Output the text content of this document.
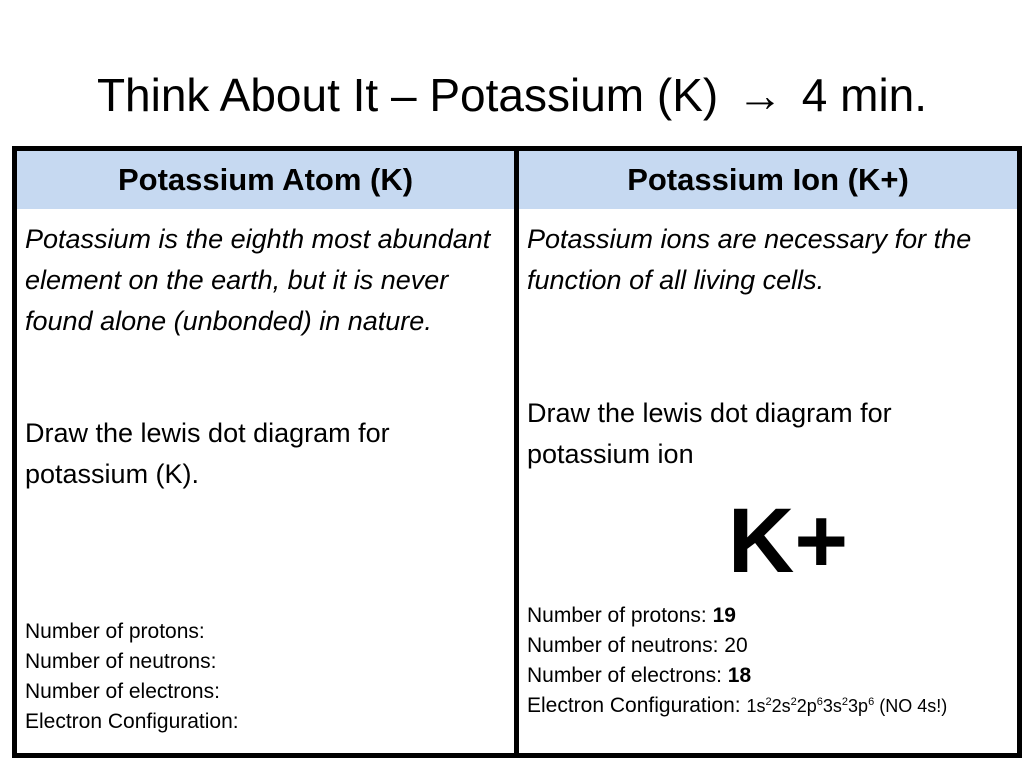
Think About It – Potassium (K) → 4 min.
Potassium Atom (K)
Potassium is the eighth most abundant element on the earth, but it is never found alone (unbonded) in nature.
Draw the lewis dot diagram for potassium (K).
Number of protons:
Number of neutrons:
Number of electrons:
Electron Configuration:
Potassium Ion (K+)
Potassium ions are necessary for the function of all living cells.
Draw the lewis dot diagram for potassium ion
K+
Number of protons: 19
Number of neutrons: 20
Number of electrons: 18
Electron Configuration: $1s^22s^22p^63s^23p^6$ (NO 4s!)
